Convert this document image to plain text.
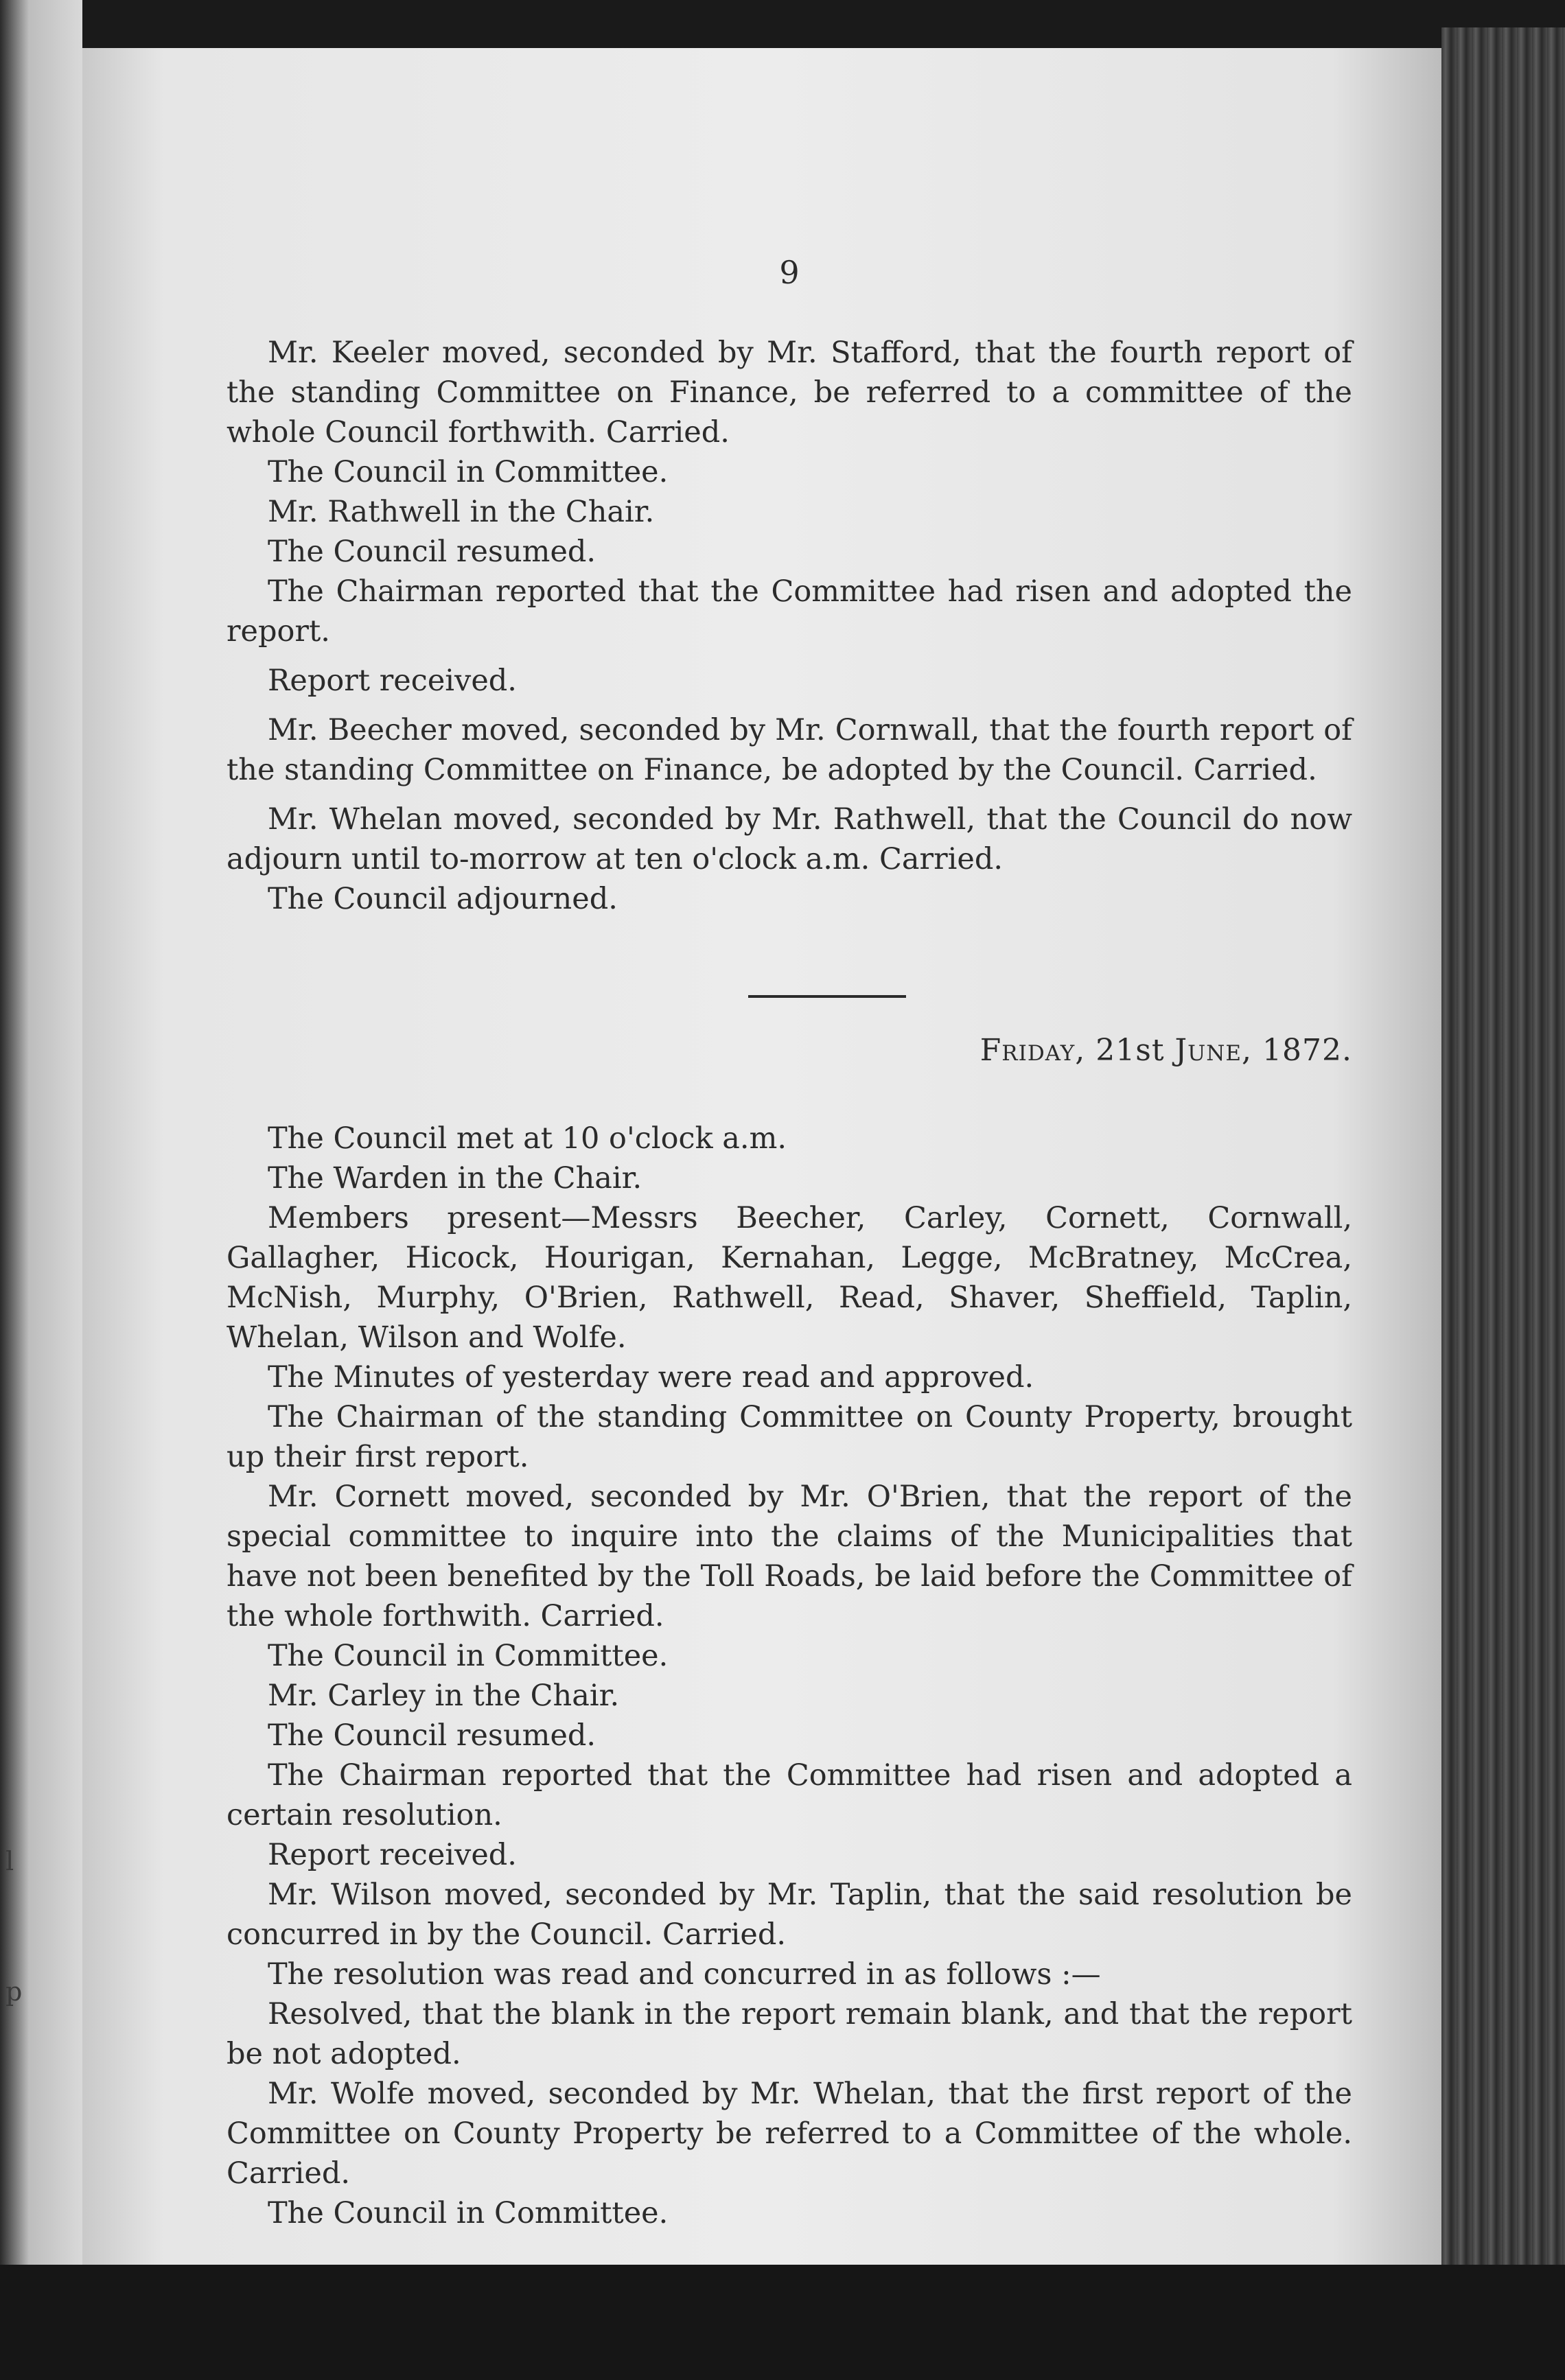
l
p
9

Mr. Keeler moved, seconded by Mr. Stafford, that the fourth report of the standing Committee on Finance, be referred to a committee of the whole Council forthwith. Carried.

The Council in Committee.

Mr. Rathwell in the Chair.

The Council resumed.

The Chairman reported that the Committee had risen and adopted the report.

Report received.

Mr. Beecher moved, seconded by Mr. Cornwall, that the fourth report of the standing Committee on Finance, be adopted by the Council. Carried.

Mr. Whelan moved, seconded by Mr. Rathwell, that the Council do now adjourn until to-morrow at ten o'clock a.m. Carried.

The Council adjourned.

Friday, 21st June, 1872.

The Council met at 10 o'clock a.m.

The Warden in the Chair.

Members present—Messrs Beecher, Carley, Cornett, Cornwall, Gallagher, Hicock, Hourigan, Kernahan, Legge, McBratney, McCrea, McNish, Murphy, O'Brien, Rathwell, Read, Shaver, Sheffield, Taplin, Whelan, Wilson and Wolfe.

The Minutes of yesterday were read and approved.

The Chairman of the standing Committee on County Property, brought up their first report.

Mr. Cornett moved, seconded by Mr. O'Brien, that the report of the special committee to inquire into the claims of the Municipalities that have not been benefited by the Toll Roads, be laid before the Committee of the whole forthwith. Carried.

The Council in Committee.

Mr. Carley in the Chair.

The Council resumed.

The Chairman reported that the Committee had risen and adopted a certain resolution.

Report received.

Mr. Wilson moved, seconded by Mr. Taplin, that the said resolution be concurred in by the Council. Carried.

The resolution was read and concurred in as follows :—

Resolved, that the blank in the report remain blank, and that the report be not adopted.

Mr. Wolfe moved, seconded by Mr. Whelan, that the first report of the Committee on County Property be referred to a Committee of the whole. Carried.

The Council in Committee.
